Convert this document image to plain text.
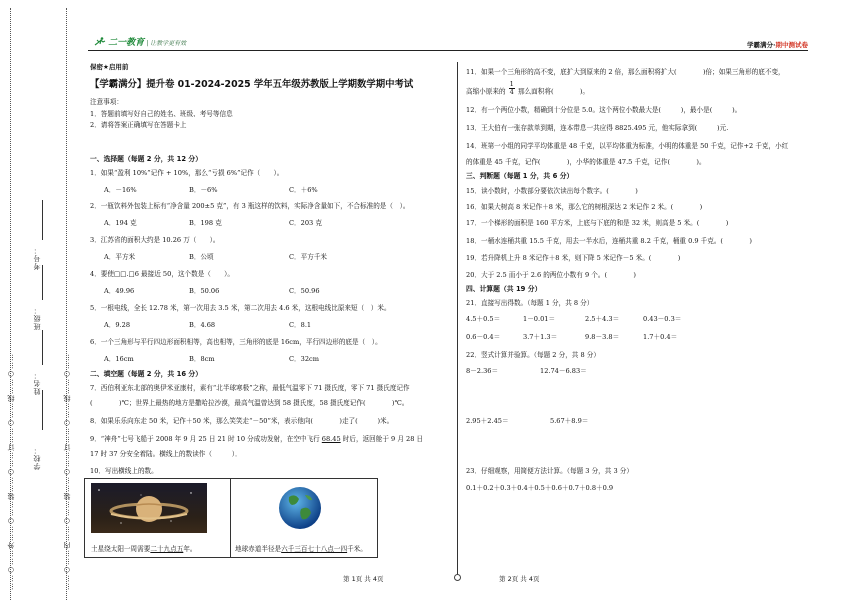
……○……外……○……装……○……订……○……线……○……	……○……内……○……装……○……订……○……线……○……
学校：
姓名：
班级：
考号：
二一教育 | 让教学更有效	学霸满分·期中测试卷
保密★启用前
【学霸满分】提升卷 01-2024-2025 学年五年级苏教版上学期数学期中考试
注意事项：
1．答题前填写好自己的姓名、班级、考号等信息
2．请将答案正确填写在答题卡上
一、选择题（每题 2 分，共 12 分）
1．如果“盈利 10%”记作 + 10%，那么“亏损 6%”记作（　　）。
A．－16%	B．－6%	C．＋6%
2．一瓶饮料外包装上标有“净含量 200±5 克”，有 3 瓶这样的饮料，实际净含量如下，不合标准的是（　）。
A．194 克	B．198 克	C．203 克
3．江苏省的面积大约是 10.26 万（　　）。
A．平方米	B．公顷	C．平方千米
4．要使□□.□6 最接近 50，这个数是（　　）。
A．49.96	B．50.06	C．50.96
5．一根电线，全长 12.78 米，第一次用去 3.5 米，第二次用去 4.6 米，这根电线比原来短（　）米。
A．9.28	B．4.68	C．8.1
6．一个三角形与平行四边形面积相等，高也相等，三角形的底是 16cm，平行四边形的底是（　）。
A．16cm	B．8cm	C．32cm
二、填空题（每题 2 分，共 16 分）
7．西伯利亚东北部的奥伊米亚康村，素有“北半球寒极”之称，最低气温零下 71 摄氏度，零下 71 摄氏度记作
(　　　　)℃；世界上最热的地方是撒哈拉沙漠，最高气温曾达到 58 摄氏度，58 摄氏度记作(　　　　)℃。
8．如果乐乐向东走 50 米，记作＋50 米，那么笑笑走“－50”米，表示他向(　　　　)走了(　　　)米。
9．“神舟”七号飞船于 2008 年 9 月 25 日 21 时 10 分成功发射，在空中飞行 68.45 时后，返回舱于 9 月 28 日
17 时 37 分安全着陆。横线上的数读作（　　　）．
10．写出横线上的数。
土星绕太阳一周需要二十九点五年。	地球赤道半径是六千三百七十八点一四千米。
11．如果一个三角形的高不变，底扩大到原来的 2 倍，那么面积将扩大(　　　　)倍；如果三角形的底不变，
高缩小原来的 $\frac{1}{4}$ 那么面积将(　　　　)。
12．有一个两位小数，精确到十分位是 5.0。这个两位小数最大是(　　　)，最小是(　　　)。
13．王大伯有一张存款单到期，连本带息一共应得 8825.495 元，他实际拿到(　　　)元.
14．班第一小组的同学平均体重是 48 千克，以平均体重为标准，小明的体重是 50 千克，记作+2 千克，小红
的体重是 45 千克，记作(　　　　)，小华的体重是 47.5 千克，记作(　　　　)。
三、判断题（每题 1 分，共 6 分）
15．读小数时，小数部分要依次读出每个数字。(　　　　)
16．如果大树高 8 米记作＋8 米，那么它的树根深达 2 米记作 2 米。(　　　　)
17．一个梯形的面积是 160 平方米，上底与下底的和是 32 米，则高是 5 米。(　　　　)
18．一桶水连桶共重 15.5 千克，用去一半水后，连桶共重 8.2 千克，桶重 0.9 千克。(　　　　)
19．若升降机上升 8 米记作＋8 米，则下降 5 米记作－5 米。(　　　　)
20．大于 2.5 而小于 2.6 的两位小数有 9 个。(　　　　)
四、计算题（共 19 分）
21．直接写出得数。（每题 1 分，共 8 分）
4.5＋0.5＝	1－0.01＝	2.5＋4.3＝	0.43－0.3＝
0.6－0.4＝	3.7＋1.3＝	9.8－3.8＝	1.7＋0.4＝
22．竖式计算并验算。（每题 2 分，共 8 分）
8－2.36＝	12.74－6.83＝
2.95＋2.45＝	5.67＋8.9＝
23．仔细观察，用简便方法计算。（每题 3 分，共 3 分）
0.1＋0.2＋0.3＋0.4＋0.5＋0.6＋0.7＋0.8＋0.9
第 1页 共 4页	第 2页 共 4页
